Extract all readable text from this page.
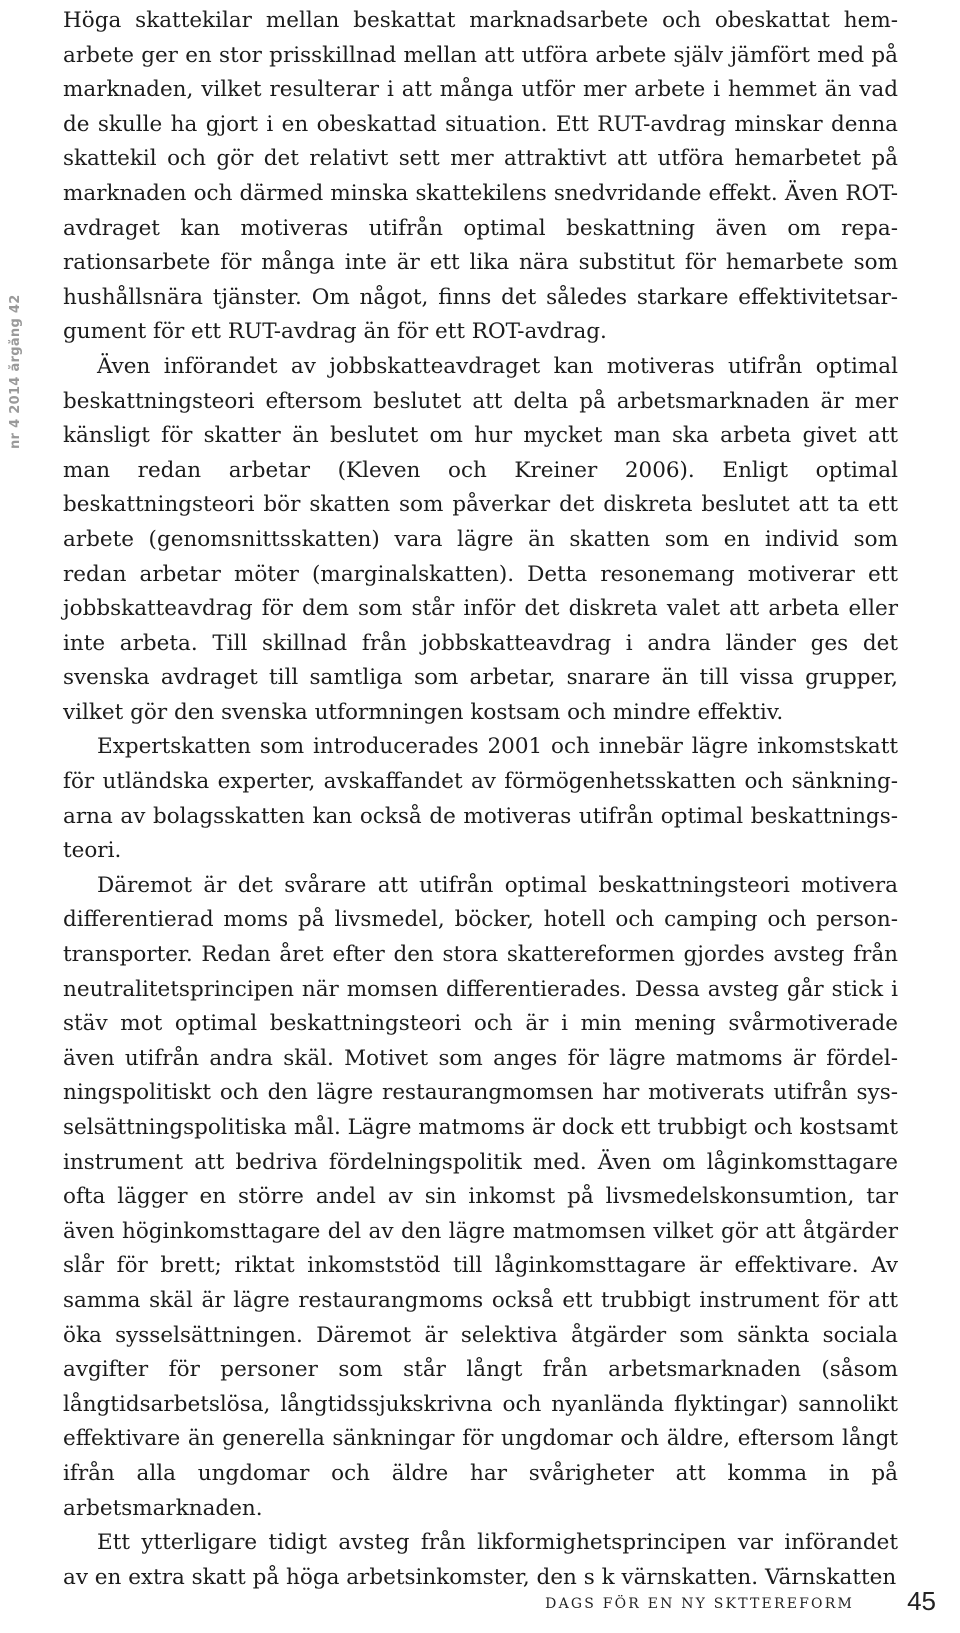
nr 4 2014 årgång 42

Höga skattekilar mellan beskattat marknadsarbete och obeskattat hemarbete ger en stor prisskillnad mellan att utföra arbete själv jämfört med på marknaden, vilket resulterar i att många utför mer arbete i hemmet än vad de skulle ha gjort i en obeskattad situation. Ett RUT-avdrag minskar denna skattekil och gör det relativt sett mer attraktivt att utföra hemarbetet på marknaden och därmed minska skattekilens snedvridande effekt. Även ROT-avdraget kan motiveras utifrån optimal beskattning även om reparationsarbete för många inte är ett lika nära substitut för hemarbete som hushållsnära tjänster. Om något, finns det således starkare effektivitetsargument för ett RUT-avdrag än för ett ROT-avdrag.

Även införandet av jobbskatteavdraget kan motiveras utifrån optimal beskattningsteori eftersom beslutet att delta på arbetsmarknaden är mer känsligt för skatter än beslutet om hur mycket man ska arbeta givet att man redan arbetar (Kleven och Kreiner 2006). Enligt optimal beskattningsteori bör skatten som påverkar det diskreta beslutet att ta ett arbete (genomsnittsskatten) vara lägre än skatten som en individ som redan arbetar möter (marginalskatten). Detta resonemang motiverar ett jobbskatteavdrag för dem som står inför det diskreta valet att arbeta eller inte arbeta. Till skillnad från jobbskatteavdrag i andra länder ges det svenska avdraget till samtliga som arbetar, snarare än till vissa grupper, vilket gör den svenska utformningen kostsam och mindre effektiv.

Expertskatten som introducerades 2001 och innebär lägre inkomstskatt för utländska experter, avskaffandet av förmögenhetsskatten och sänkningarna av bolagsskatten kan också de motiveras utifrån optimal beskattningsteori.

Däremot är det svårare att utifrån optimal beskattningsteori motivera differentierad moms på livsmedel, böcker, hotell och camping och persontransporter. Redan året efter den stora skattereformen gjordes avsteg från neutralitetsprincipen när momsen differentierades. Dessa avsteg går stick i stäv mot optimal beskattningsteori och är i min mening svårmotiverade även utifrån andra skäl. Motivet som anges för lägre matmoms är fördelningspolitiskt och den lägre restaurangmomsen har motiverats utifrån sysselsättningspolitiska mål. Lägre matmoms är dock ett trubbigt och kostsamt instrument att bedriva fördelningspolitik med. Även om låginkomsttagare ofta lägger en större andel av sin inkomst på livsmedelskonsumtion, tar även höginkomsttagare del av den lägre matmomsen vilket gör att åtgärder slår för brett; riktat inkomststöd till låginkomsttagare är effektivare. Av samma skäl är lägre restaurangmoms också ett trubbigt instrument för att öka sysselsättningen. Däremot är selektiva åtgärder som sänkta sociala avgifter för personer som står långt från arbetsmarknaden (såsom långtidsarbetslösa, långtidssjukskrivna och nyanlända flyktingar) sannolikt effektivare än generella sänkningar för ungdomar och äldre, eftersom långt ifrån alla ungdomar och äldre har svårigheter att komma in på arbetsmarknaden.

Ett ytterligare tidigt avsteg från likformighetsprincipen var införandet av en extra skatt på höga arbetsinkomster, den s k värnskatten. Värnskatten

DAGS FÖR EN NY SKTTEREFORM 45
